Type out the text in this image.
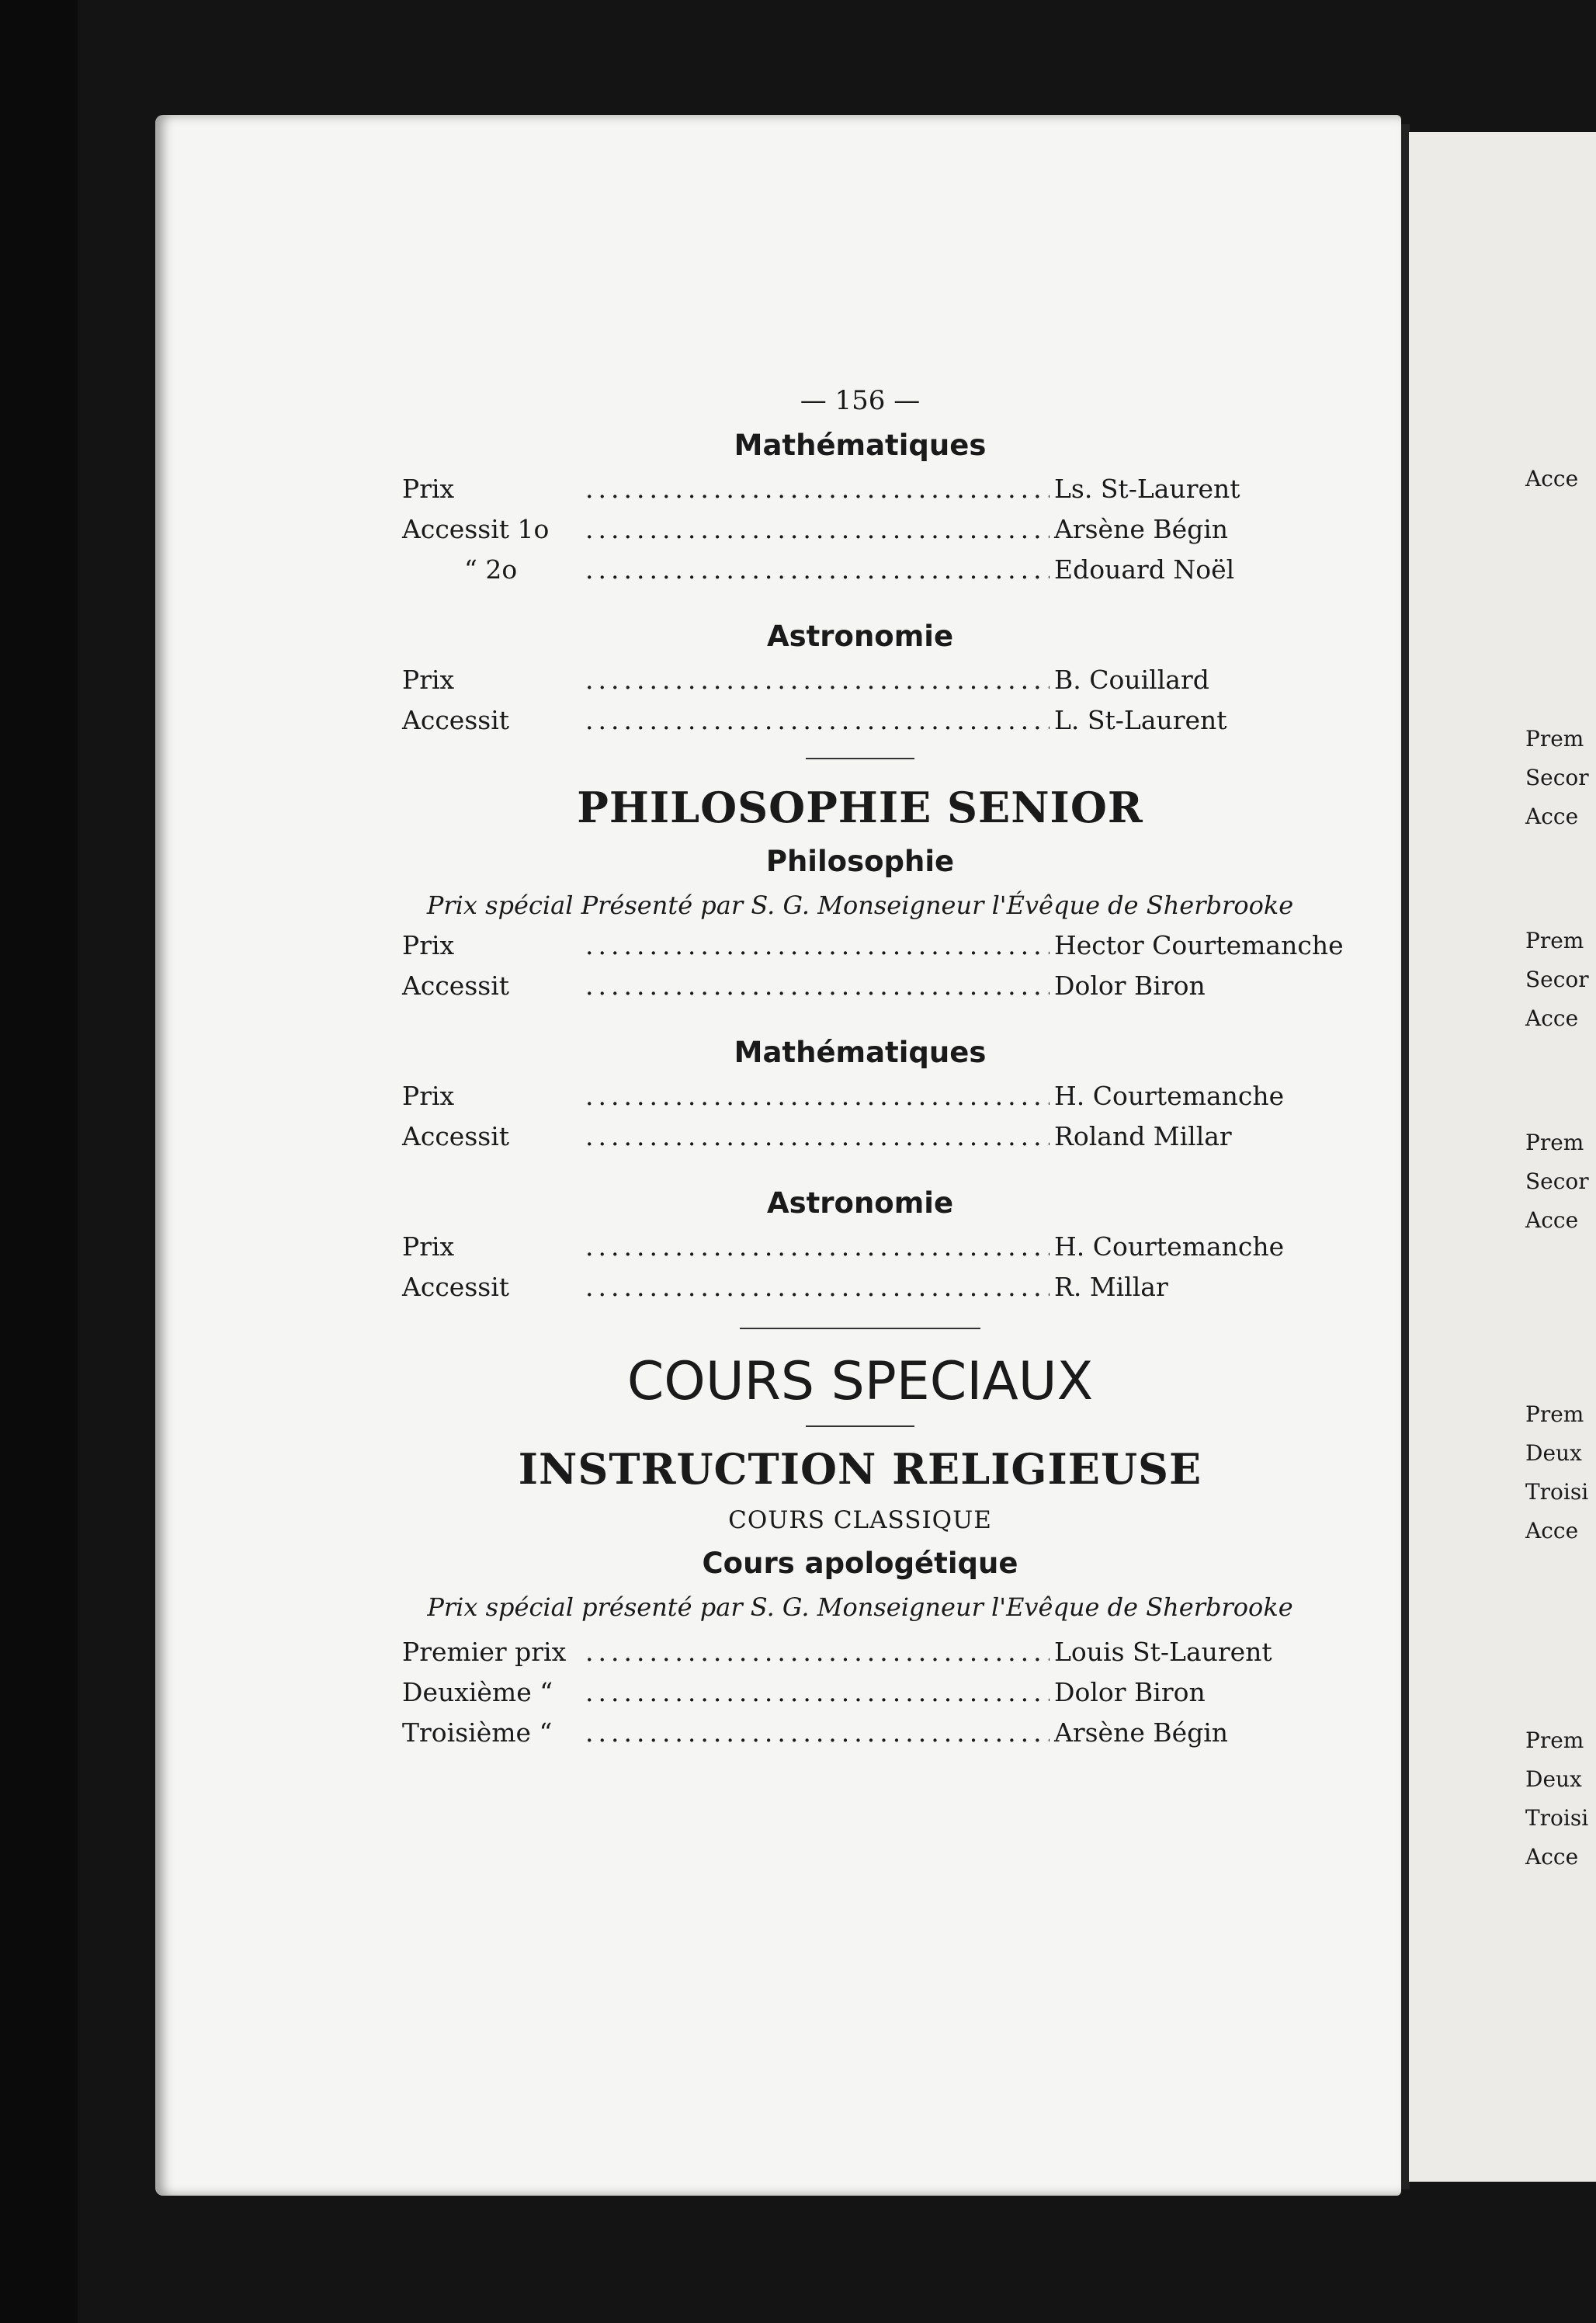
Acce
Prem
Secor
Acce
Prem
Secor
Acce
Prem
Secor
Acce
Prem
Deux
Troisi
Acce
Prem
Deux
Troisi
Acce
— 156 —
Mathématiques
Prix .....	Ls. St-Laurent
Accessit 1o .....	Arsène Bégin
“ 2o .....	Edouard Noël
Astronomie
Prix .....	B. Couillard
Accessit .....	L. St-Laurent
PHILOSOPHIE SENIOR
Philosophie
Prix spécial Présenté par S. G. Monseigneur l'Évêque de Sherbrooke
Prix .....	Hector Courtemanche
Accessit .....	Dolor Biron
Mathématiques
Prix .....	H. Courtemanche
Accessit .....	Roland Millar
Astronomie
Prix .....	H. Courtemanche
Accessit .....	R. Millar
COURS SPECIAUX
INSTRUCTION RELIGIEUSE
COURS CLASSIQUE
Cours apologétique
Prix spécial présenté par S. G. Monseigneur l'Evêque de Sherbrooke
Premier prix .....	Louis St-Laurent
Deuxième “ .....	Dolor Biron
Troisième “ .....	Arsène Bégin
